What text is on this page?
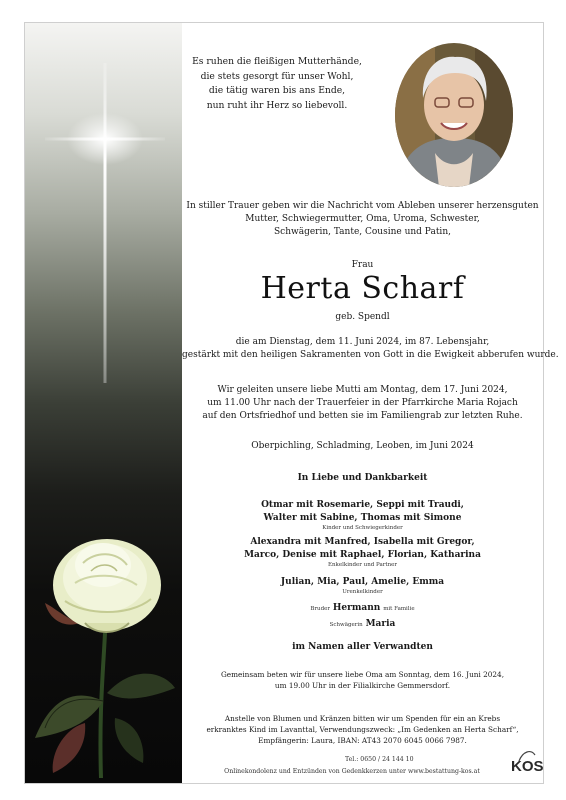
Es ruhen die fleißigen Mutterhände,
die stets gesorgt für unser Wohl,
die tätig waren bis ans Ende,
nun ruht ihr Herz so liebevoll.
In stiller Trauer geben wir die Nachricht vom Ableben unserer herzensguten
Mutter, Schwiegermutter, Oma, Uroma, Schwester,
Schwägerin, Tante, Cousine und Patin,
Frau
Herta Scharf
geb. Spendl
die am Dienstag, dem 11. Juni 2024, im 87. Lebensjahr,
gestärkt mit den heiligen Sakramenten von Gott in die Ewigkeit abberufen wurde.
Wir geleiten unsere liebe Mutti am Montag, dem 17. Juni 2024,
um 11.00 Uhr nach der Trauerfeier in der Pfarrkirche Maria Rojach
auf den Ortsfriedhof und betten sie im Familiengrab zur letzten Ruhe.
Oberpichling, Schladming, Leoben, im Juni 2024
In Liebe und Dankbarkeit
Otmar mit Rosemarie, Seppi mit Traudi,
Walter mit Sabine, Thomas mit Simone
Kinder und Schwiegerkinder
Alexandra mit Manfred, Isabella mit Gregor,
Marco, Denise mit Raphael, Florian, Katharina
Enkelkinder und Partner
Julian, Mia, Paul, Amelie, Emma
Urenkelkinder
Bruder Hermann mit Familie
Schwägerin Maria
im Namen aller Verwandten
Gemeinsam beten wir für unsere liebe Oma am Sonntag, dem 16. Juni 2024,
um 19.00 Uhr in der Filialkirche Gemmersdorf.
Anstelle von Blumen und Kränzen bitten wir um Spenden für ein an Krebs
erkranktes Kind im Lavanttal, Verwendungszweck: „Im Gedenken an Herta Scharf“,
Empfängerin: Laura, IBAN: AT43 2070 6045 0066 7987.
Tel.: 0650 / 24 144 10
Onlinekondolenz und Entzünden von Gedenkkerzen unter www.bestattung-kos.at	KOS
